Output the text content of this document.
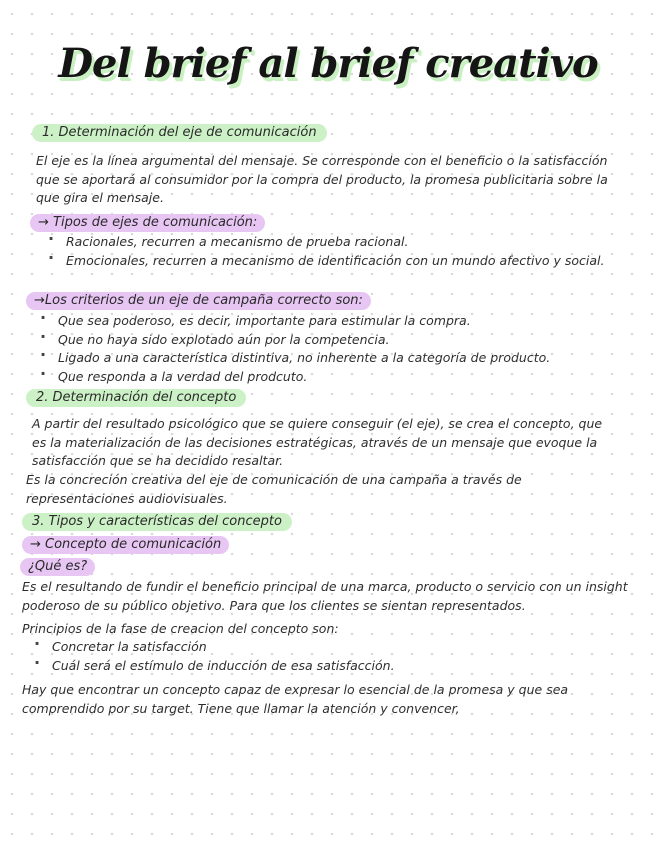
Del brief al brief creativo
1. Determinación del eje de comunicación

El eje es la línea argumental del mensaje. Se corresponde con el beneficio o la satisfacción que se aportará al consumidor por la compra del producto, la promesa publicitaria sobre la que gira el mensaje.

→ Tipos de ejes de comunicación:
· Racionales, recurren a mecanismo de prueba racional.
· Emocionales, recurren a mecanismo de identificación con un mundo afectivo y social.
→Los criterios de un eje de campaña correcto son:
· Que sea poderoso, es decir, importante para estimular la compra.
· Que no haya sido explotado aún por la competencia.
· Ligado a una característica distintiva, no inherente a la categoría de producto.
· Que responda a la verdad del prodcuto.
2. Determinación del concepto

A partir del resultado psicológico que se quiere conseguir (el eje), se crea el concepto, que es la materialización de las decisiones estratégicas, através de un mensaje que evoque la satisfacción que se ha decidido resaltar.

Es la concreción creativa del eje de comunicación de una campaña a través de representaciones audiovisuales.

3. Tipos y características del concepto
→ Concepto de comunicación
¿Qué es?

Es el resultando de fundir el beneficio principal de una marca, producto o servicio con un insight poderoso de su público objetivo. Para que los clientes se sientan representados.

Principios de la fase de creacion del concepto son:

· Concretar la satisfacción
· Cuál será el estímulo de inducción de esa satisfacción.

Hay que encontrar un concepto capaz de expresar lo esencial de la promesa y que sea comprendido por su target. Tiene que llamar la atención y convencer,
